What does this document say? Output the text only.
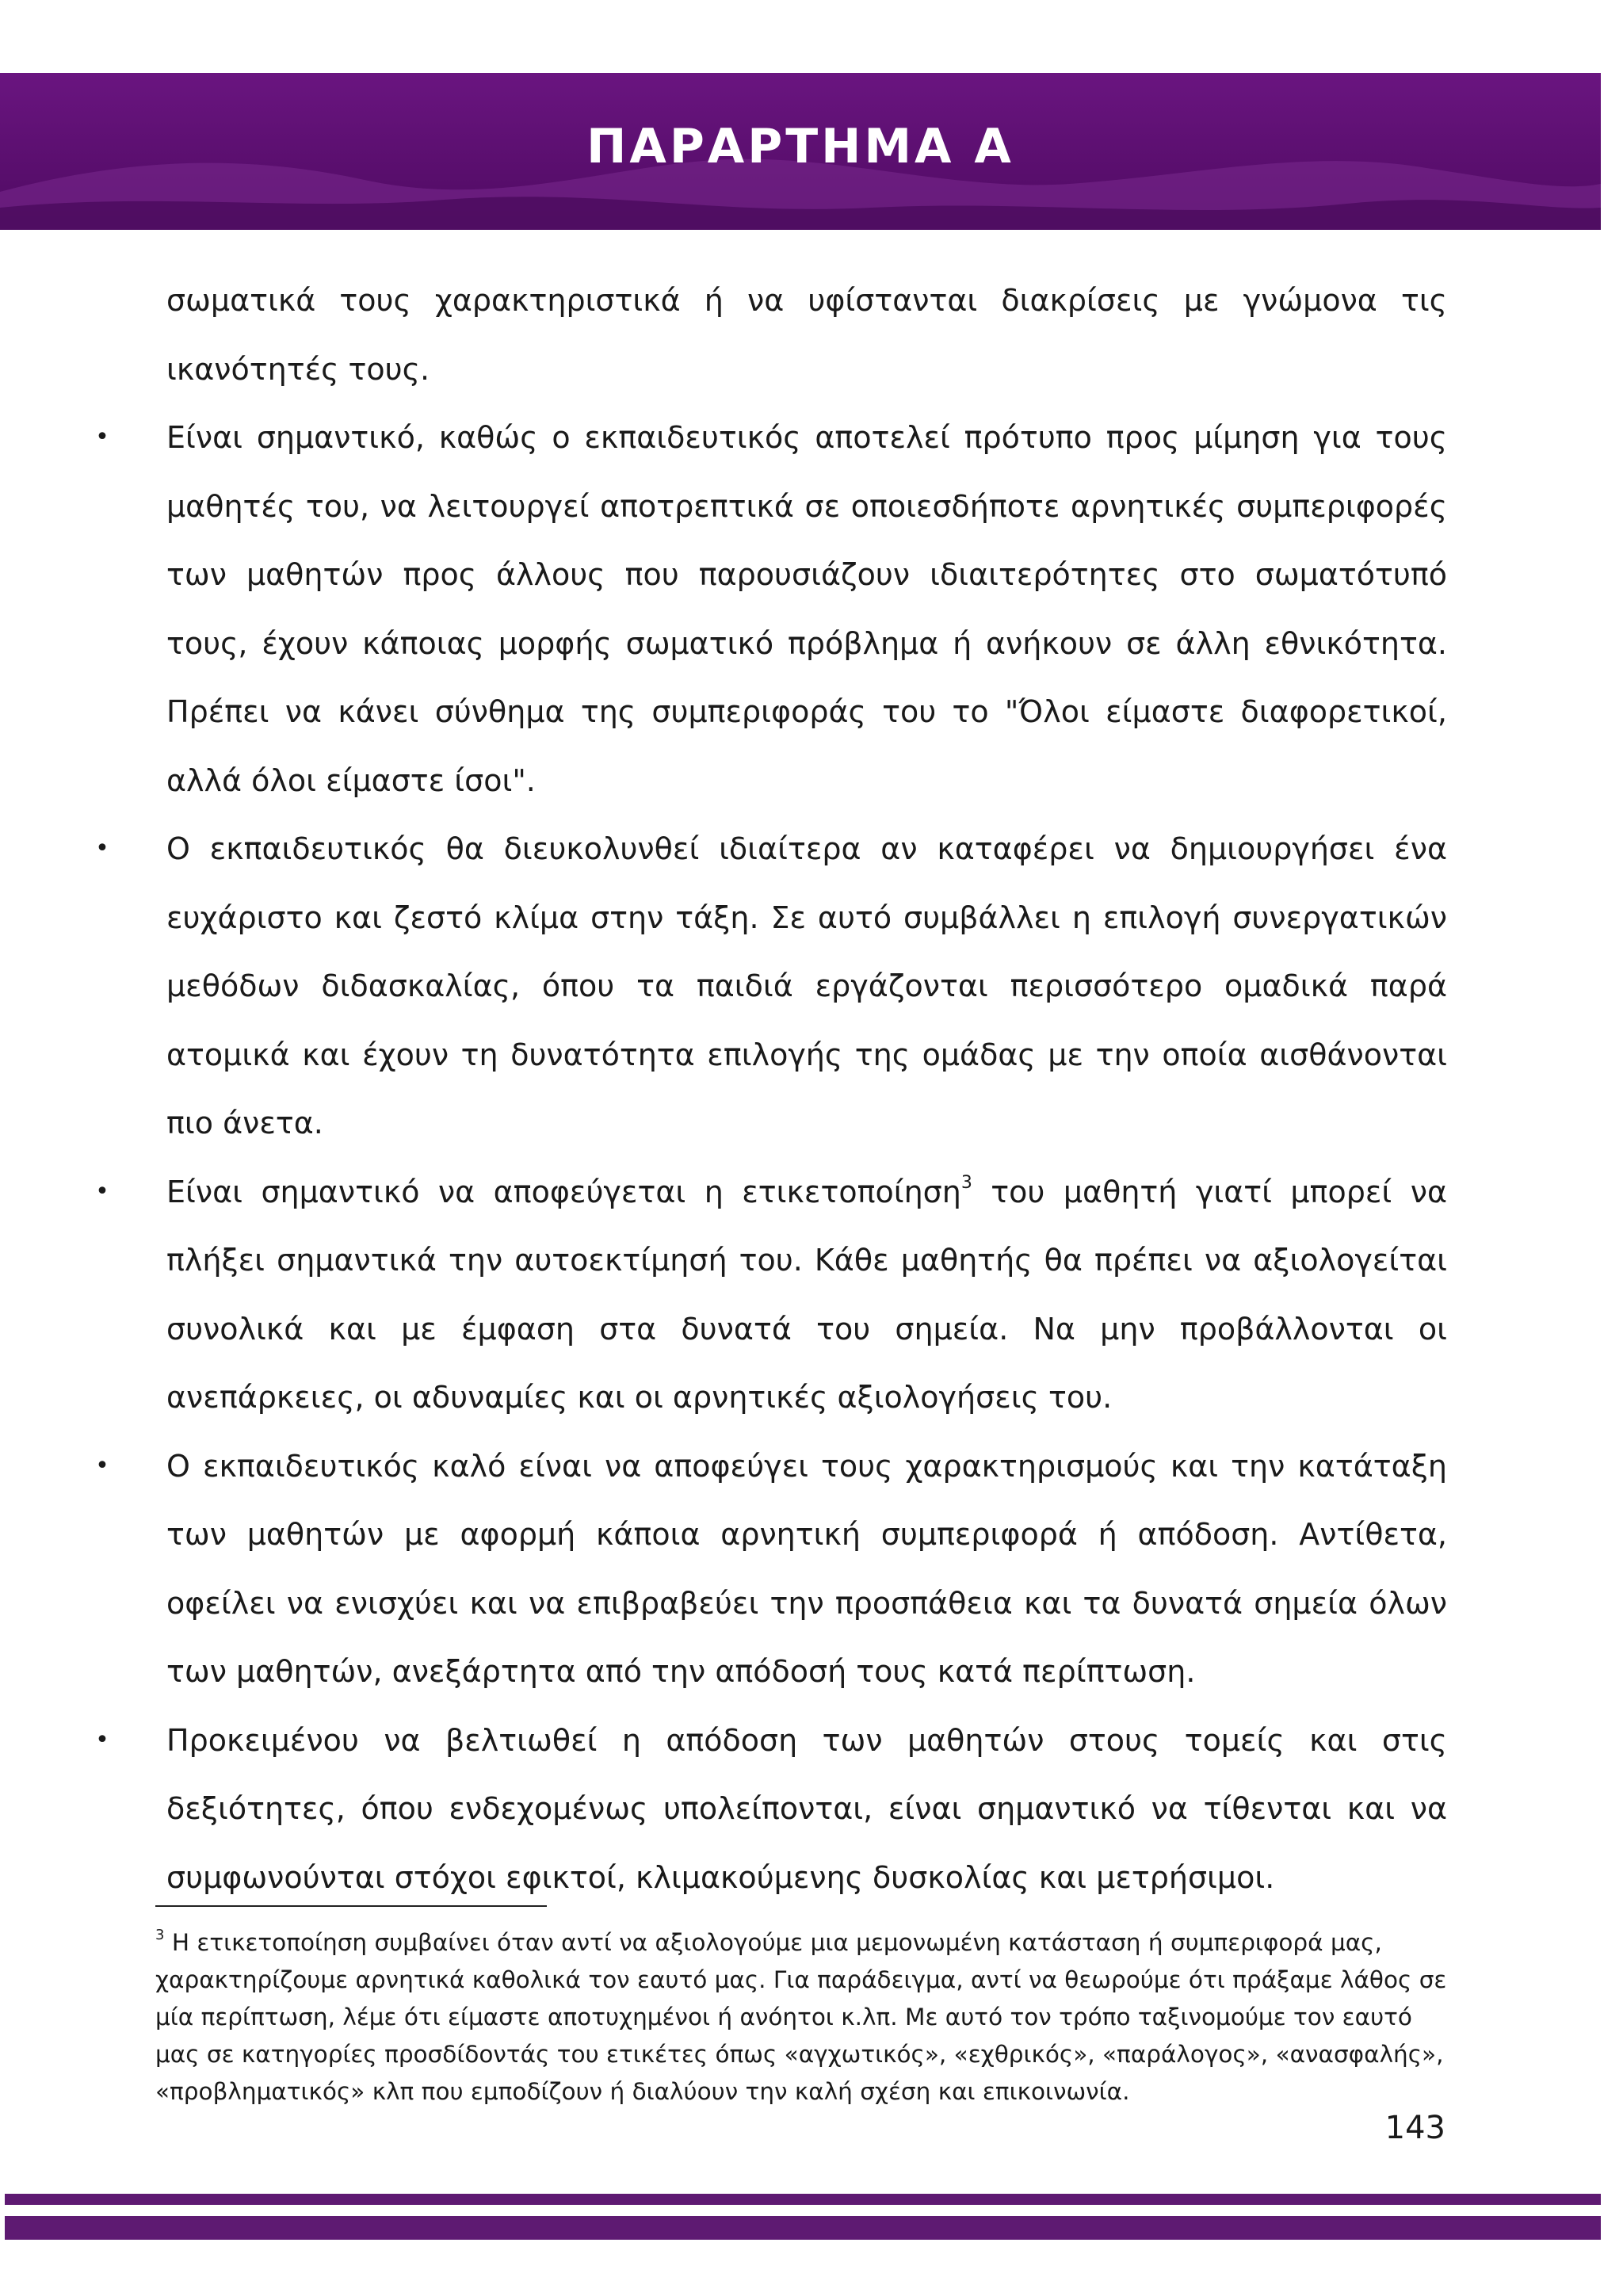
ΠΑΡΑΡΤΗΜΑ Α

σωματικά τους χαρακτηριστικά ή να υφίστανται διακρίσεις με γνώμονα τις ικανότητές τους.

• Είναι σημαντικό, καθώς ο εκπαιδευτικός αποτελεί πρότυπο προς μίμηση για τους μαθητές του, να λειτουργεί αποτρεπτικά σε οποιεσδήποτε αρνητικές συμπεριφορές των μαθητών προς άλλους που παρουσιάζουν ιδιαιτερότητες στο σωματότυπό τους, έχουν κάποιας μορφής σωματικό πρόβλημα ή ανήκουν σε άλλη εθνικότητα. Πρέπει να κάνει σύνθημα της συμπεριφοράς του το "Όλοι είμαστε διαφορετικοί, αλλά όλοι είμαστε ίσοι".
• Ο εκπαιδευτικός θα διευκολυνθεί ιδιαίτερα αν καταφέρει να δημιουργήσει ένα ευχάριστο και ζεστό κλίμα στην τάξη. Σε αυτό συμβάλλει η επιλογή συνεργατικών μεθόδων διδασκαλίας, όπου τα παιδιά εργάζονται περισσότερο ομαδικά παρά ατομικά και έχουν τη δυνατότητα επιλογής της ομάδας με την οποία αισθάνονται πιο άνετα.
• Είναι σημαντικό να αποφεύγεται η ετικετοποίηση$^3$ του μαθητή γιατί μπορεί να πλήξει σημαντικά την αυτοεκτίμησή του. Κάθε μαθητής θα πρέπει να αξιολογείται συνολικά και με έμφαση στα δυνατά του σημεία. Να μην προβάλλονται οι ανεπάρκειες, οι αδυναμίες και οι αρνητικές αξιολογήσεις του.
• Ο εκπαιδευτικός καλό είναι να αποφεύγει τους χαρακτηρισμούς και την κατάταξη των μαθητών με αφορμή κάποια αρνητική συμπεριφορά ή απόδοση. Αντίθετα, οφείλει να ενισχύει και να επιβραβεύει την προσπάθεια και τα δυνατά σημεία όλων των μαθητών, ανεξάρτητα από την απόδοσή τους κατά περίπτωση.
• Προκειμένου να βελτιωθεί η απόδοση των μαθητών στους τομείς και στις δεξιότητες, όπου ενδεχομένως υπολείπονται, είναι σημαντικό να τίθενται και να συμφωνούνται στόχοι εφικτοί, κλιμακούμενης δυσκολίας και μετρήσιμοι.
$^3$ Η ετικετοποίηση συμβαίνει όταν αντί να αξιολογούμε μια μεμονωμένη κατάσταση ή συμπεριφορά μας, χαρακτηρίζουμε αρνητικά καθολικά τον εαυτό μας. Για παράδειγμα, αντί να θεωρούμε ότι πράξαμε λάθος σε μία περίπτωση, λέμε ότι είμαστε αποτυχημένοι ή ανόητοι κ.λπ. Με αυτό τον τρόπο ταξινομούμε τον εαυτό μας σε κατηγορίες προσδίδοντάς του ετικέτες όπως «αγχωτικός», «εχθρικός», «παράλογος», «ανασφαλής», «προβληματικός» κλπ που εμποδίζουν ή διαλύουν την καλή σχέση και επικοινωνία.
143
